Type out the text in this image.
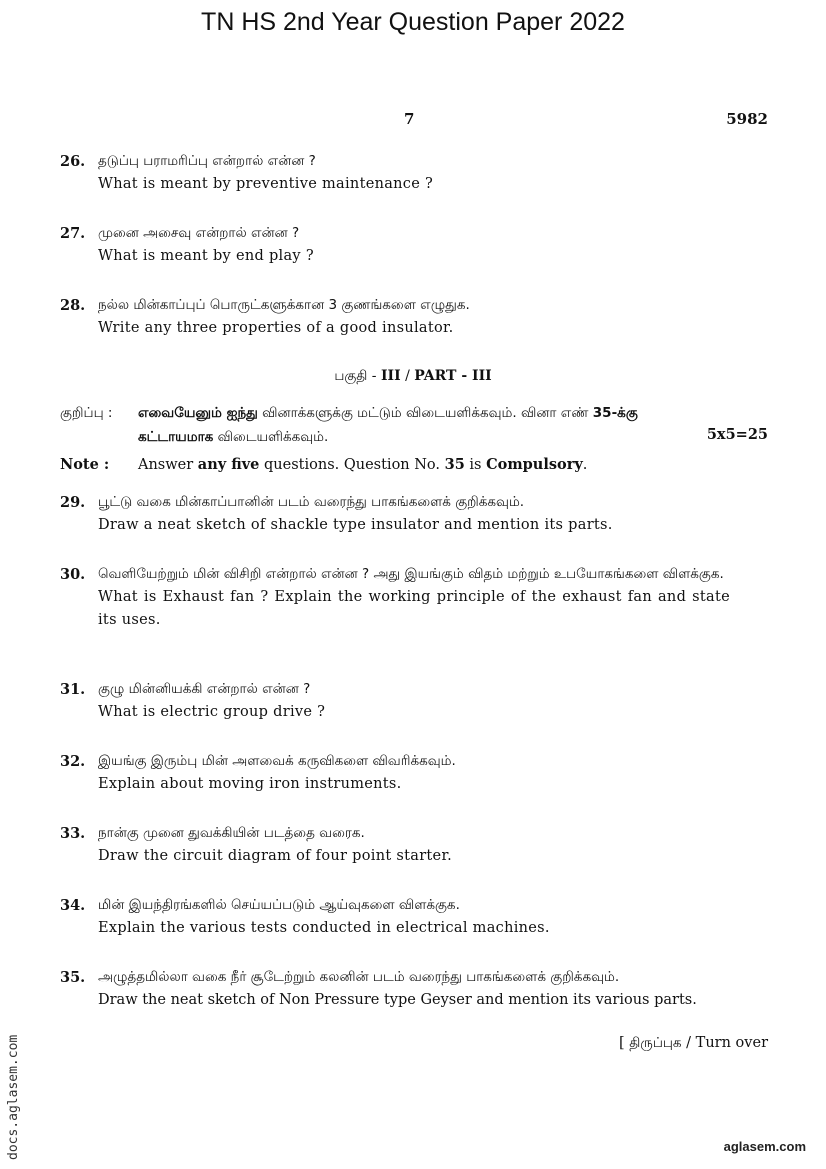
TN HS 2nd Year Question Paper 2022
7	5982
26. தடுப்பு பராமரிப்பு என்றால் என்ன ?
What is meant by preventive maintenance ?
27. முனை அசைவு என்றால் என்ன ?
What is meant by end play ?
28. நல்ல மின்காப்புப் பொருட்களுக்கான 3 குணங்களை எழுதுக.
Write any three properties of a good insulator.
பகுதி - III / PART - III
குறிப்பு : எவையேனும் ஐந்து வினாக்களுக்கு மட்டும் விடையளிக்கவும். வினா எண் 35-க்கு
கட்டாயமாக விடையளிக்கவும்.	5x5=25
Note : Answer any five questions. Question No. 35 is Compulsory.
29. பூட்டு வகை மின்காப்பானின் படம் வரைந்து பாகங்களைக் குறிக்கவும்.
Draw a neat sketch of shackle type insulator and mention its parts.
30. வெளியேற்றும் மின் விசிறி என்றால் என்ன ? அது இயங்கும் விதம் மற்றும் உபயோகங்களை விளக்குக.
What is Exhaust fan ? Explain the working principle of the exhaust fan and state its uses.
31. குழு மின்னியக்கி என்றால் என்ன ?
What is electric group drive ?
32. இயங்கு இரும்பு மின் அளவைக் கருவிகளை விவரிக்கவும்.
Explain about moving iron instruments.
33. நான்கு முனை துவக்கியின் படத்தை வரைக.
Draw the circuit diagram of four point starter.
34. மின் இயந்திரங்களில் செய்யப்படும் ஆய்வுகளை விளக்குக.
Explain the various tests conducted in electrical machines.
35. அழுத்தமில்லா வகை நீர் சூடேற்றும் கலனின் படம் வரைந்து பாகங்களைக் குறிக்கவும்.
Draw the neat sketch of Non Pressure type Geyser and mention its various parts.
[ திருப்புக / Turn over
docs.aglasem.com	aglasem.com
